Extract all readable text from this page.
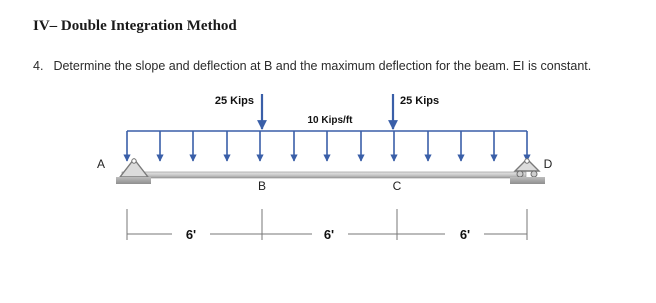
IV– Double Integration Method
4. Determine the slope and deflection at B and the maximum deflection for the beam. EI is constant.
25 Kips	25 Kips
10 Kips/ft
A
B	C
D
6'	6'	6'
